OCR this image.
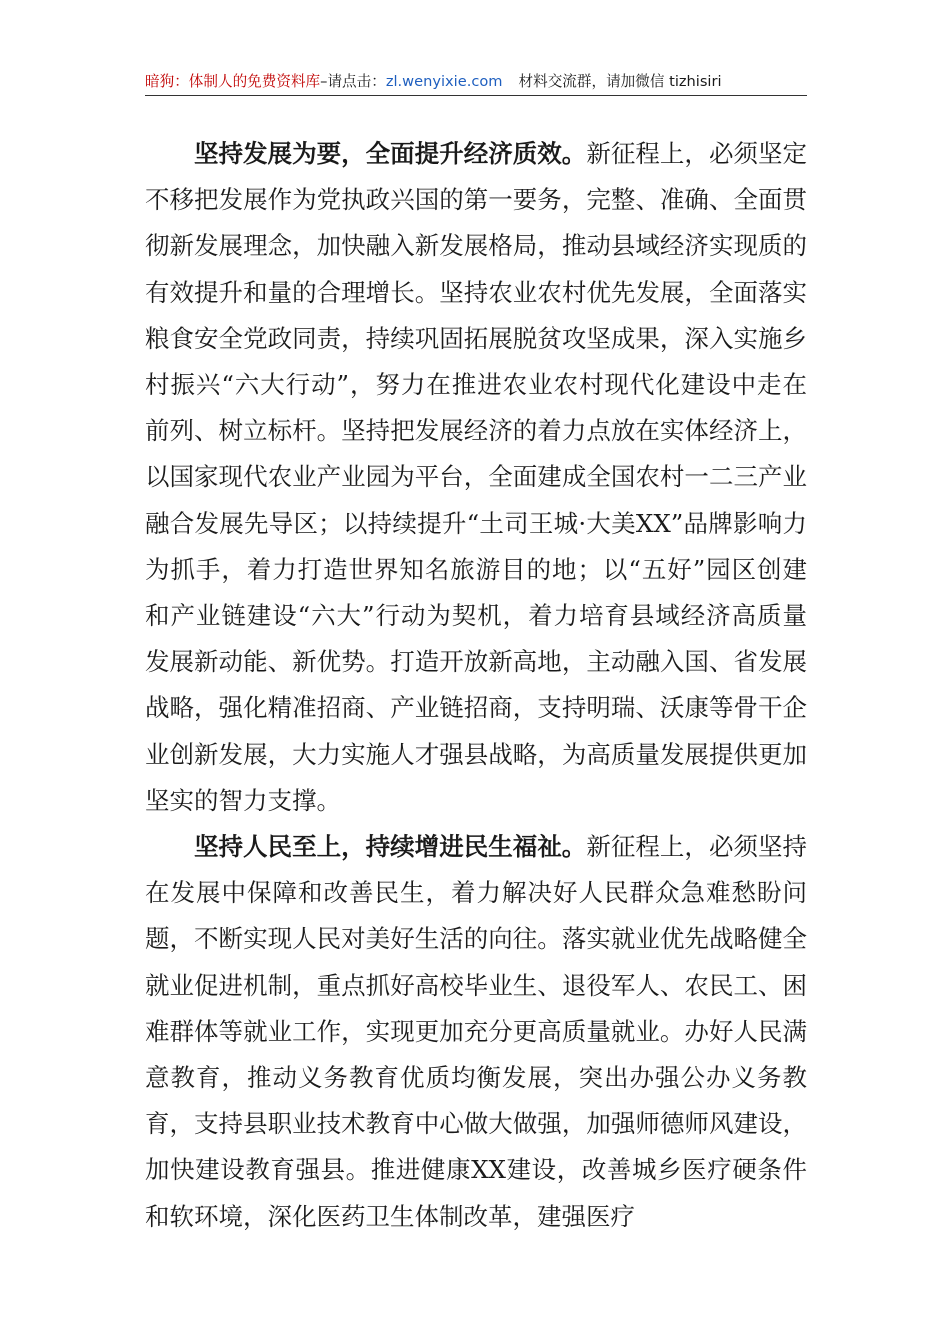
暗狗：体制人的免费资料库–请点击：zl.wenyixie.com 材料交流群，请加微信 tizhisiri

坚持发展为要，全面提升经济质效。新征程上，必须坚定不移把发展作为党执政兴国的第一要务，完整、准确、全面贯彻新发展理念，加快融入新发展格局，推动县域经济实现质的有效提升和量的合理增长。坚持农业农村优先发展，全面落实粮食安全党政同责，持续巩固拓展脱贫攻坚成果，深入实施乡村振兴“六大行动”，努力在推进农业农村现代化建设中走在前列、树立标杆。坚持把发展经济的着力点放在实体经济上，以国家现代农业产业园为平台，全面建成全国农村一二三产业融合发展先导区；以持续提升“土司王城·大美XX”品牌影响力为抓手，着力打造世界知名旅游目的地；以“五好”园区创建和产业链建设“六大”行动为契机，着力培育县域经济高质量发展新动能、新优势。打造开放新高地，主动融入国、省发展战略，强化精准招商、产业链招商，支持明瑞、沃康等骨干企业创新发展，大力实施人才强县战略，为高质量发展提供更加坚实的智力支撑。

坚持人民至上，持续增进民生福祉。新征程上，必须坚持在发展中保障和改善民生，着力解决好人民群众急难愁盼问题，不断实现人民对美好生活的向往。落实就业优先战略健全就业促进机制，重点抓好高校毕业生、退役军人、农民工、困难群体等就业工作，实现更加充分更高质量就业。办好人民满意教育，推动义务教育优质均衡发展，突出办强公办义务教育，支持县职业技术教育中心做大做强，加强师德师风建设，加快建设教育强县。推进健康XX建设，改善城乡医疗硬条件和软环境，深化医药卫生体制改革，建强医疗
